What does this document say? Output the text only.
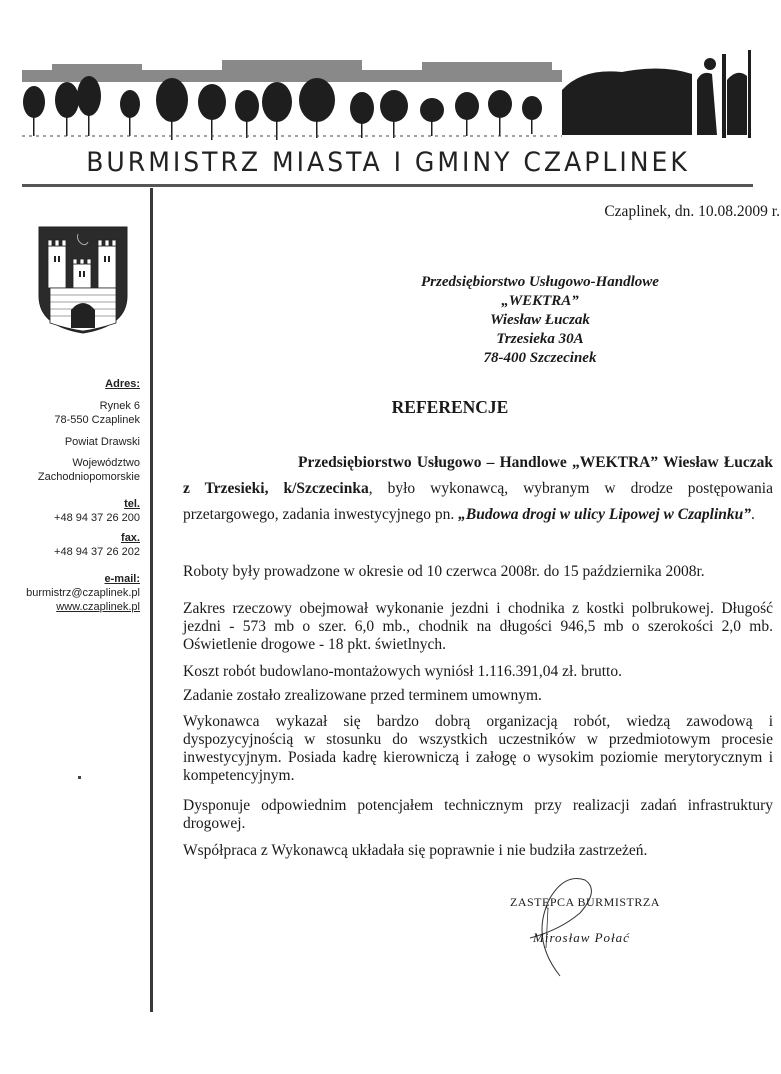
1885
BURMISTRZ MIASTA I GMINY CZAPLINEK
Adres:
Rynek 6
78-550 Czaplinek
Powiat Drawski
Województwo
Zachodniopomorskie
tel.
+48 94 37 26 200
fax.
+48 94 37 26 202
e-mail:
burmistrz@czaplinek.pl
www.czaplinek.pl
Czaplinek, dn. 10.08.2009 r.
Przedsiębiorstwo Usługowo-Handlowe
„WEKTRA”
Wiesław Łuczak
Trzesieka 30A
78-400 Szczecinek
REFERENCJE

Przedsiębiorstwo Usługowo – Handlowe „WEKTRA” Wiesław Łuczak z Trzesieki, k/Szczecinka, było wykonawcą, wybranym w drodze postępowania przetargowego, zadania inwestycyjnego pn. „Budowa drogi w ulicy Lipowej w Czaplinku”.

Roboty były prowadzone w okresie od 10 czerwca 2008r. do 15 października 2008r.
Zakres rzeczowy obejmował wykonanie jezdni i chodnika z kostki polbrukowej. Długość jezdni - 573 mb o szer. 6,0 mb., chodnik na długości 946,5 mb o szerokości 2,0 mb. Oświetlenie drogowe - 18 pkt. świetlnych.
Koszt robót budowlano-montażowych wyniósł 1.116.391,04 zł. brutto.
Zadanie zostało zrealizowane przed terminem umownym.
Wykonawca wykazał się bardzo dobrą organizacją robót, wiedzą zawodową i dyspozycyjnością w stosunku do wszystkich uczestników w przedmiotowym procesie inwestycyjnym. Posiada kadrę kierowniczą i załogę o wysokim poziomie merytorycznym i kompetencyjnym.
Dysponuje odpowiednim potencjałem technicznym przy realizacji zadań infrastruktury drogowej.
Współpraca z Wykonawcą układała się poprawnie i nie budziła zastrzeżeń.
ZASTĘPCA BURMISTRZA
Mirosław Połać
